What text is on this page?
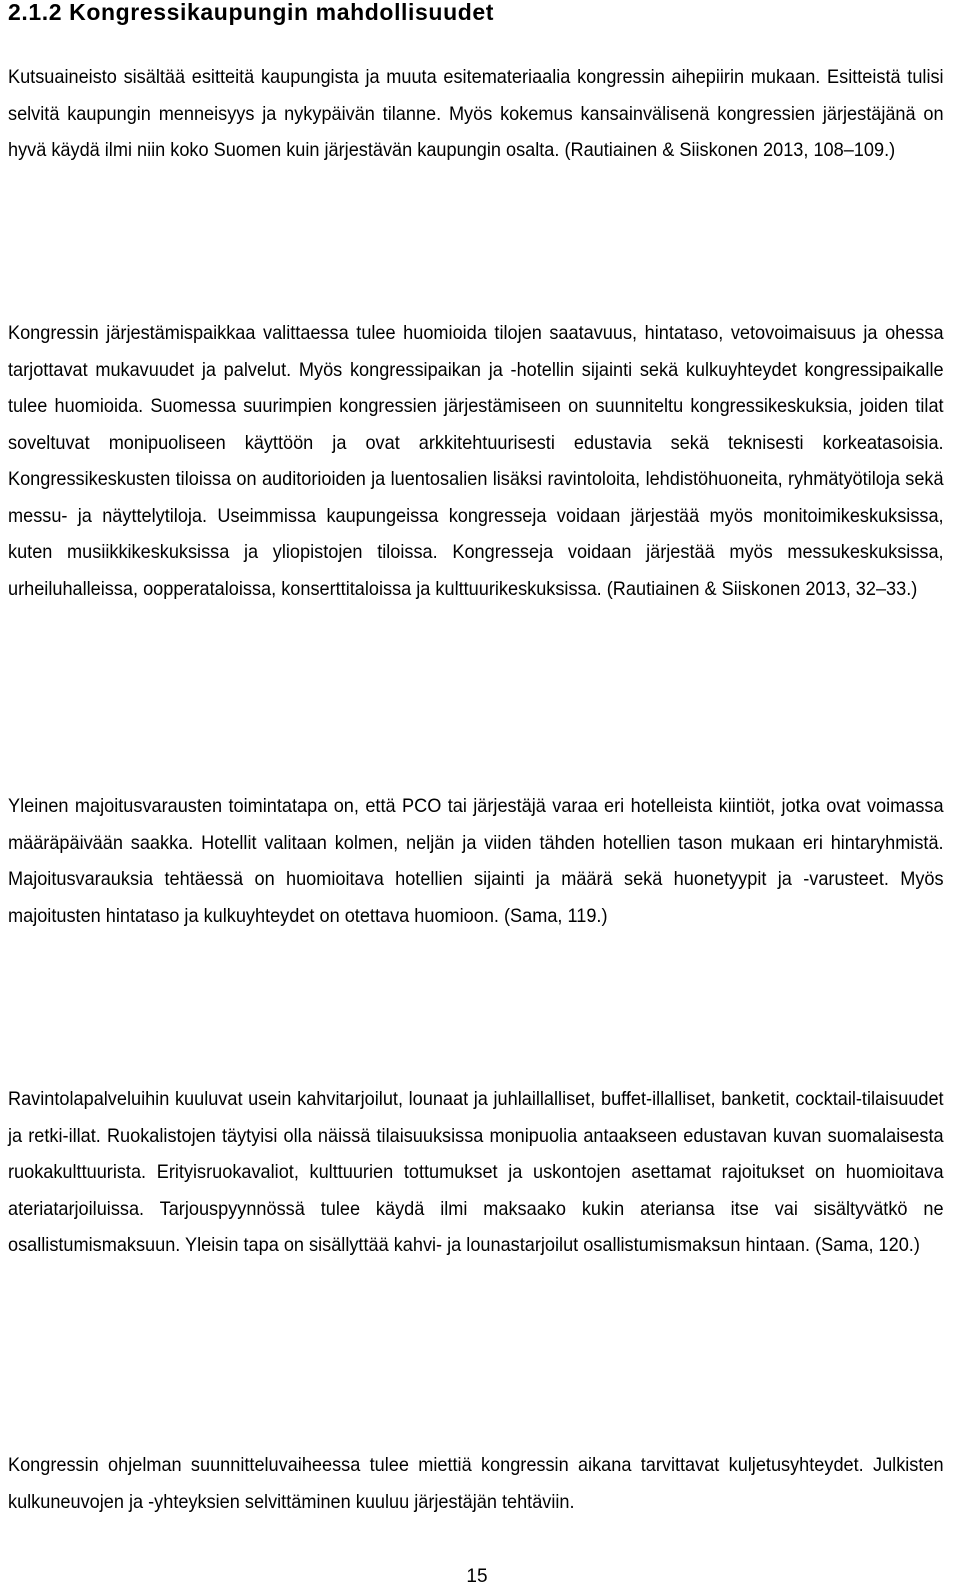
2.1.2 Kongressikaupungin mahdollisuudet

Kutsuaineisto sisältää esitteitä kaupungista ja muuta esitemateriaalia kongressin aihepiirin mukaan. Esitteistä tulisi selvitä kaupungin menneisyys ja nykypäivän tilanne. Myös kokemus kansainvälisenä kongressien järjestäjänä on hyvä käydä ilmi niin koko Suomen kuin järjestävän kaupungin osalta. (Rautiainen & Siiskonen 2013, 108–109.)

Kongressin järjestämispaikkaa valittaessa tulee huomioida tilojen saatavuus, hintataso, vetovoimaisuus ja ohessa tarjottavat mukavuudet ja palvelut. Myös kongressipaikan ja -hotellin sijainti sekä kulkuyhteydet kongressipaikalle tulee huomioida. Suomessa suurimpien kongressien järjestämiseen on suunniteltu kongressikeskuksia, joiden tilat soveltuvat monipuoliseen käyttöön ja ovat arkkitehtuurisesti edustavia sekä teknisesti korkeatasoisia. Kongressikeskusten tiloissa on auditorioiden ja luentosalien lisäksi ravintoloita, lehdistöhuoneita, ryhmätyötiloja sekä messu- ja näyttelytiloja. Useimmissa kaupungeissa kongresseja voidaan järjestää myös monitoimikeskuksissa, kuten musiikkikeskuksissa ja yliopistojen tiloissa. Kongresseja voidaan järjestää myös messukeskuksissa, urheiluhalleissa, oopperataloissa, konserttitaloissa ja kulttuurikeskuksissa. (Rautiainen & Siiskonen 2013, 32–33.)

Yleinen majoitusvarausten toimintatapa on, että PCO tai järjestäjä varaa eri hotelleista kiintiöt, jotka ovat voimassa määräpäivään saakka. Hotellit valitaan kolmen, neljän ja viiden tähden hotellien tason mukaan eri hintaryhmistä. Majoitusvarauksia tehtäessä on huomioitava hotellien sijainti ja määrä sekä huonetyypit ja -varusteet. Myös majoitusten hintataso ja kulkuyhteydet on otettava huomioon. (Sama, 119.)

Ravintolapalveluihin kuuluvat usein kahvitarjoilut, lounaat ja juhlaillalliset, buffet-illalliset, banketit, cocktail-tilaisuudet ja retki-illat. Ruokalistojen täytyisi olla näissä tilaisuuksissa monipuolia antaakseen edustavan kuvan suomalaisesta ruokakulttuurista. Erityisruokavaliot, kulttuurien tottumukset ja uskontojen asettamat rajoitukset on huomioitava ateriatarjoiluissa. Tarjouspyynnössä tulee käydä ilmi maksaako kukin ateriansa itse vai sisältyvätkö ne osallistumismaksuun. Yleisin tapa on sisällyttää kahvi- ja lounastarjoilut osallistumismaksun hintaan. (Sama, 120.)

Kongressin ohjelman suunnitteluvaiheessa tulee miettiä kongressin aikana tarvittavat kuljetusyhteydet. Julkisten kulkuneuvojen ja -yhteyksien selvittäminen kuuluu järjestäjän tehtäviin.

15
